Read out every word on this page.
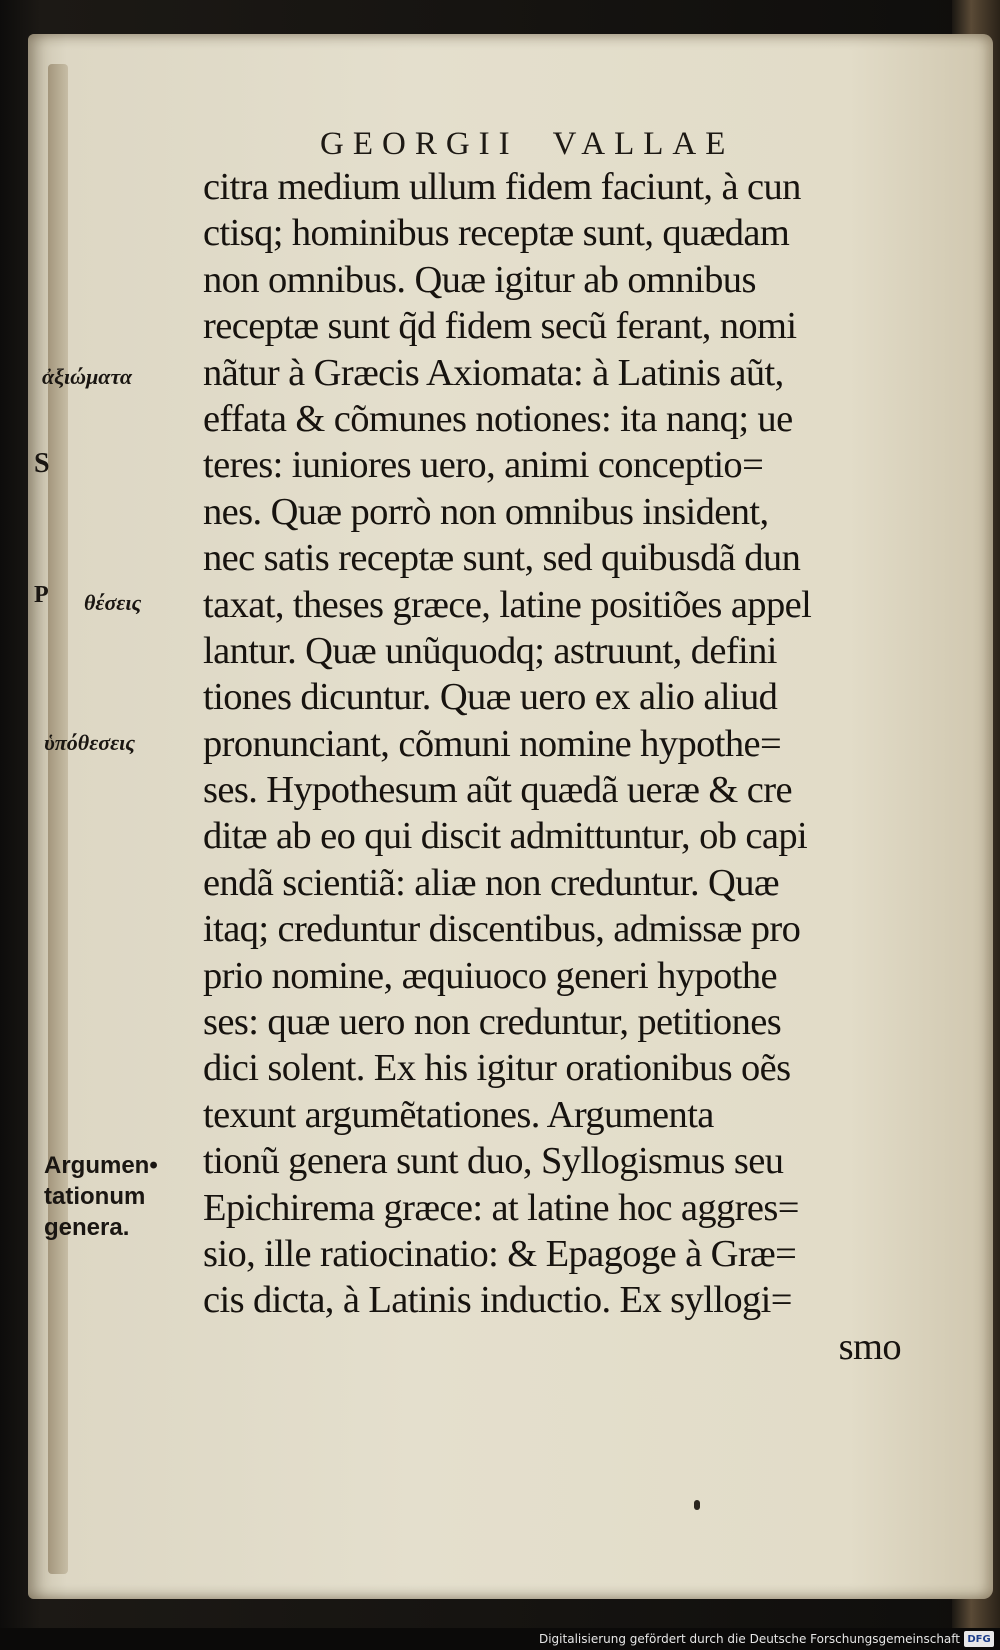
GEORGII VALLAE
citra medium ullum fidem faciunt, à cun
ctisq; hominibus receptæ sunt, quædam
non omnibus. Quæ igitur ab omnibus
receptæ sunt q̃d fidem secũ ferant, nomi
nãtur à Græcis Axiomata: à Latinis aũt,
effata & cõmunes notiones: ita nanq; ue
teres: iuniores uero, animi conceptio=
nes. Quæ porrò non omnibus insident,
nec satis receptæ sunt, sed quibusdã dun
taxat, theses græce, latine positiões appel
lantur. Quæ unũquodq; astruunt, defini
tiones dicuntur. Quæ uero ex alio aliud
pronunciant, cõmuni nomine hypothe=
ses. Hypothesum aũt quædã ueræ & cre
ditæ ab eo qui discit admittuntur, ob capi
endã scientiã: aliæ non creduntur. Quæ
itaq; creduntur discentibus, admissæ pro
prio nomine, æquiuoco generi hypothe
ses: quæ uero non creduntur, petitiones
dici solent. Ex his igitur orationibus oẽs
texunt argumẽtationes. Argumenta
tionũ genera sunt duo, Syllogismus seu
Epichirema græce: at latine hoc aggres=
sio, ille ratiocinatio: & Epagoge à Græ=
cis dicta, à Latinis inductio. Ex syllogi=
smo
ἀξιώματα
S
P θέσεις
ὑπόθεσεις
Argumen•
tationum
genera.
Digitalisierung gefördert durch die Deutsche Forschungsgemeinschaft DFG
